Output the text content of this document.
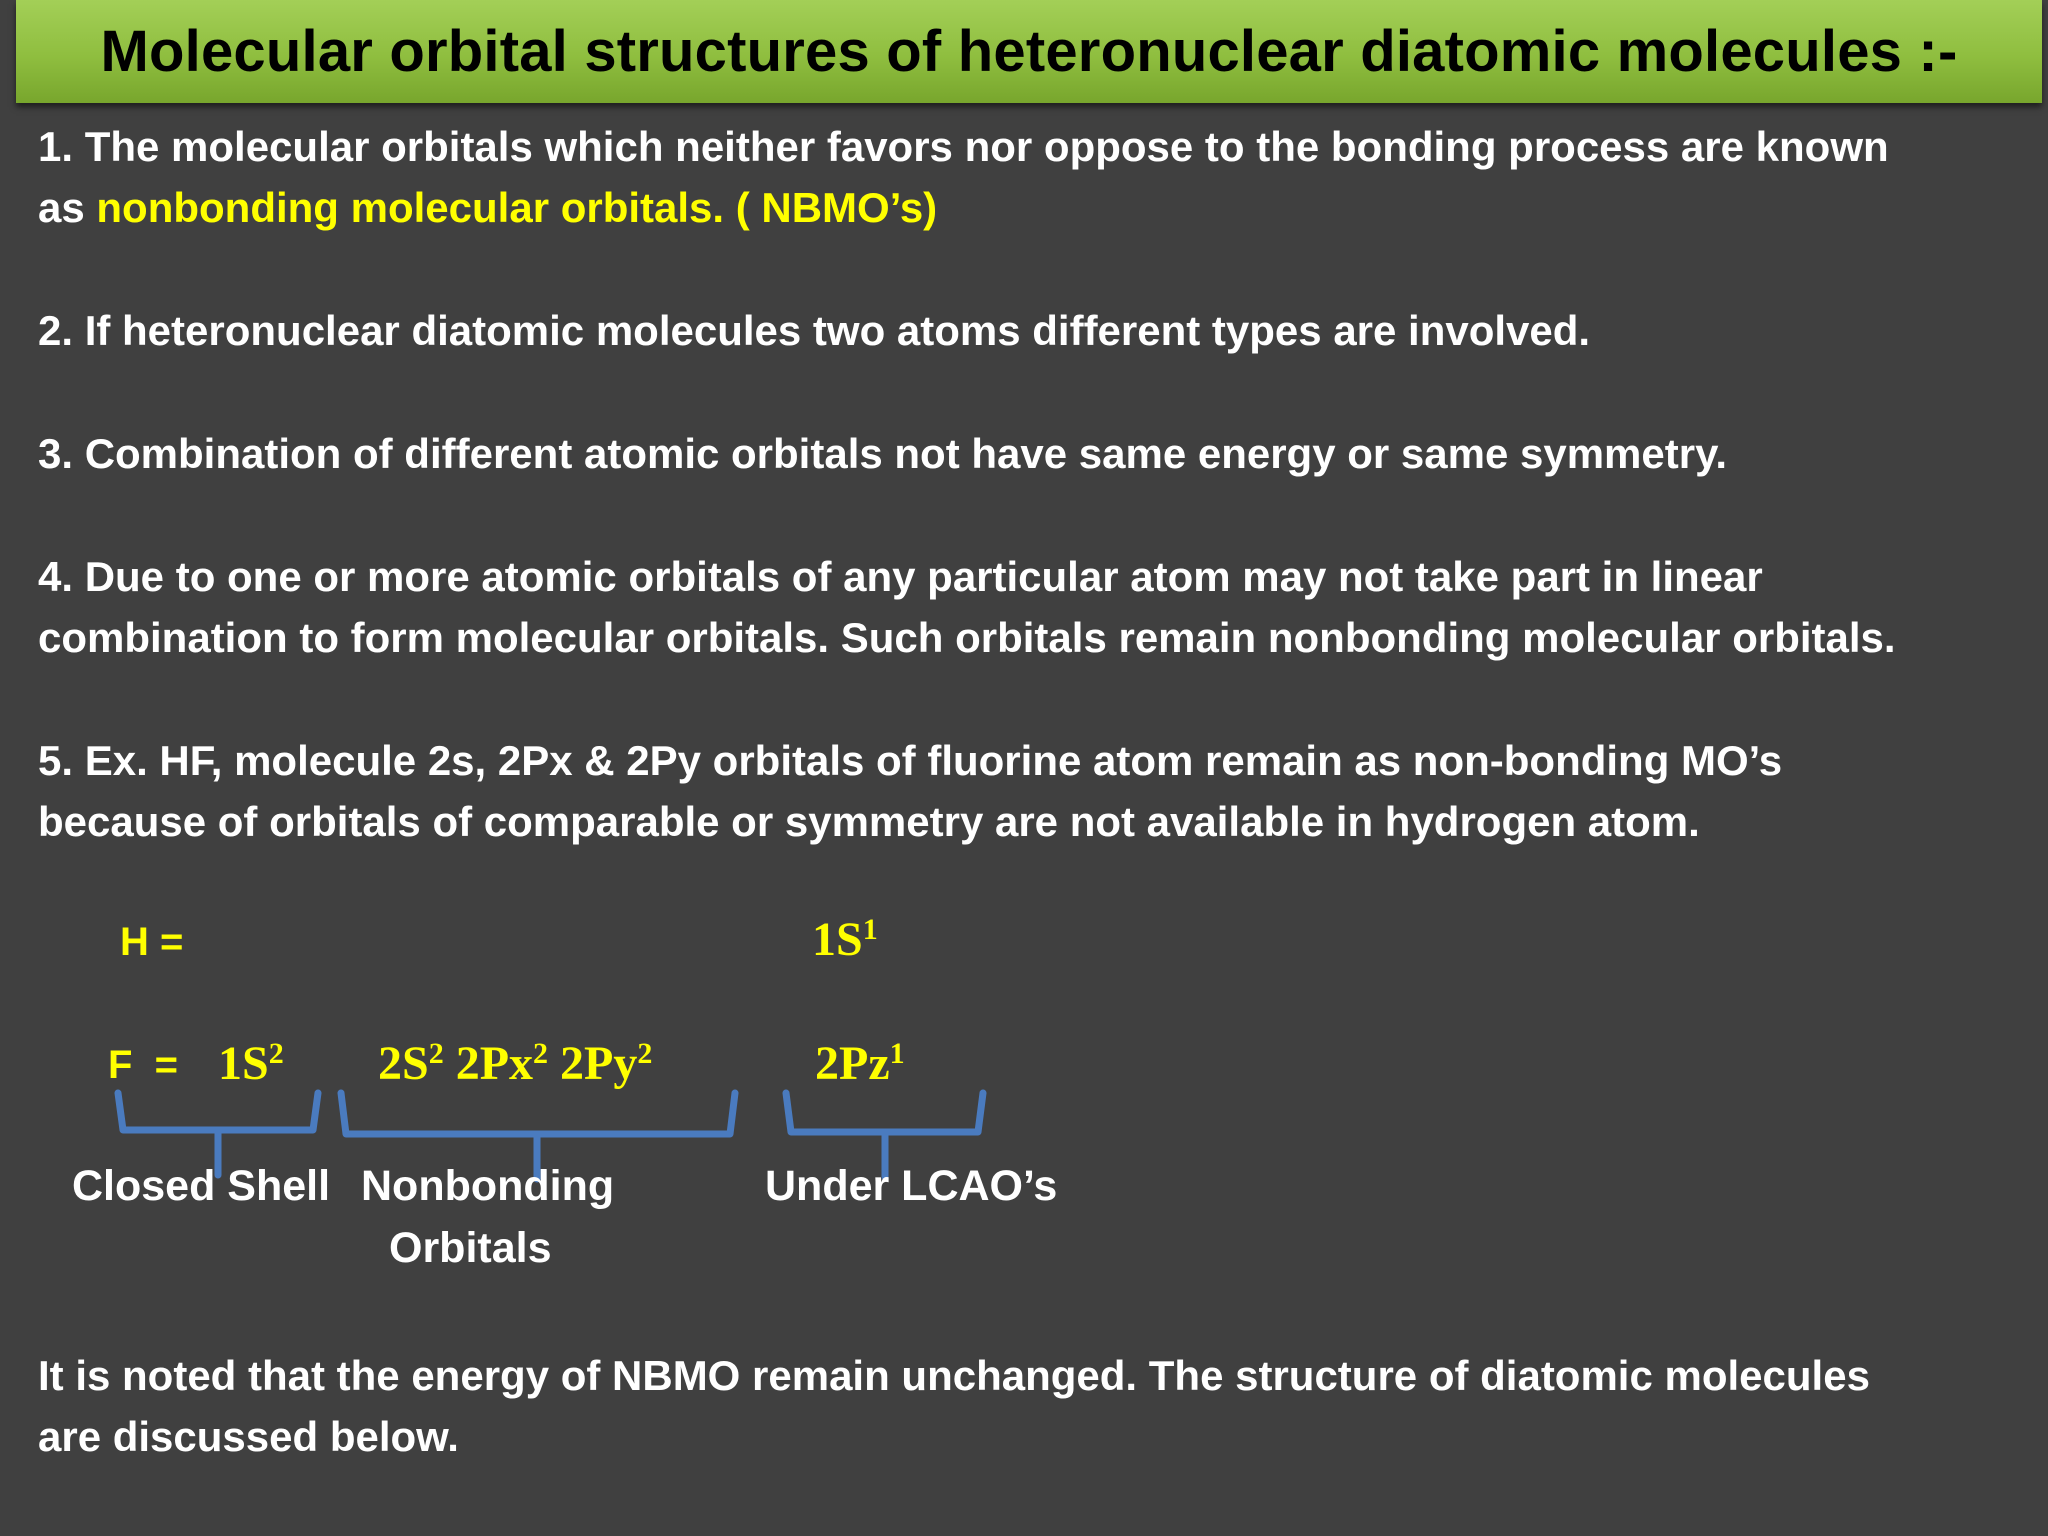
Molecular orbital structures of heteronuclear diatomic molecules :-
1. The molecular orbitals which neither favors nor oppose to the bonding process are known
as nonbonding molecular orbitals. ( NBMO’s)
2. If heteronuclear diatomic molecules two atoms different types are involved.
3. Combination of different atomic orbitals not have same energy or same symmetry.
4. Due to one or more atomic orbitals of any particular atom may not take part in linear
combination to form molecular orbitals. Such orbitals remain nonbonding molecular orbitals.
5. Ex. HF, molecule 2s, 2Px & 2Py orbitals of fluorine atom remain as non-bonding MO’s
because of orbitals of comparable or symmetry are not available in hydrogen atom.
H =	$1S^1$
$F = 1S^2$ $2S^2$ 2Px$^2$ 2Py$^2$	2Pz$^1$
Closed Shell Nonbonding
Orbitals
Under LCAO’s
It is noted that the energy of NBMO remain unchanged. The structure of diatomic molecules
are discussed below.
